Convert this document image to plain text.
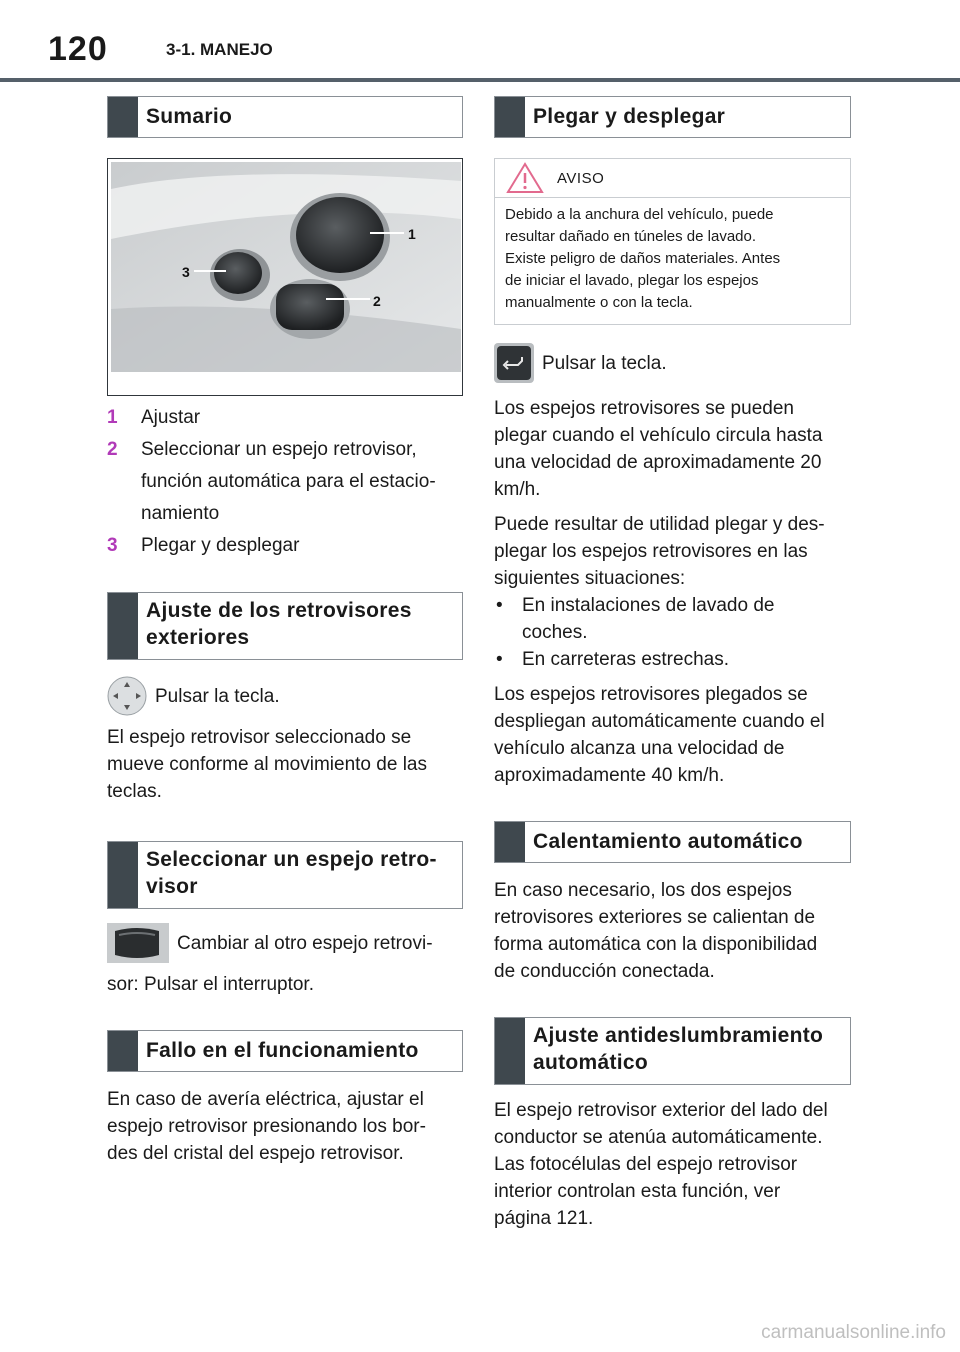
120	3-1. MANEJO
Sumario
1
2
3
1	Ajustar
2	Seleccionar un espejo retrovisor,
función automática para el estacio-
namiento
3	Plegar y desplegar
Ajuste de los retrovisores
exteriores
Pulsar la tecla.

El espejo retrovisor seleccionado se

mueve conforme al movimiento de las

teclas.

Seleccionar un espejo retro-
visor
Cambiar al otro espejo retrovi-

sor: Pulsar el interruptor.

Fallo en el funcionamiento

En caso de avería eléctrica, ajustar el

espejo retrovisor presionando los bor-

des del cristal del espejo retrovisor.

Plegar y desplegar
AVISO
Debido a la anchura del vehículo, puede
resultar dañado en túneles de lavado.
Existe peligro de daños materiales. Antes
de iniciar el lavado, plegar los espejos
manualmente o con la tecla.
Pulsar la tecla.

Los espejos retrovisores se pueden

plegar cuando el vehículo circula hasta

una velocidad de aproximadamente 20

km/h.

Puede resultar de utilidad plegar y des-

plegar los espejos retrovisores en las

siguientes situaciones:

•	En instalaciones de lavado de
coches.
•	En carreteras estrechas.

Los espejos retrovisores plegados se

despliegan automáticamente cuando el

vehículo alcanza una velocidad de

aproximadamente 40 km/h.

Calentamiento automático

En caso necesario, los dos espejos

retrovisores exteriores se calientan de

forma automática con la disponibilidad

de conducción conectada.

Ajuste antideslumbramiento
automático

El espejo retrovisor exterior del lado del

conductor se atenúa automáticamente.

Las fotocélulas del espejo retrovisor

interior controlan esta función, ver

página 121.

carmanualsonline.info
